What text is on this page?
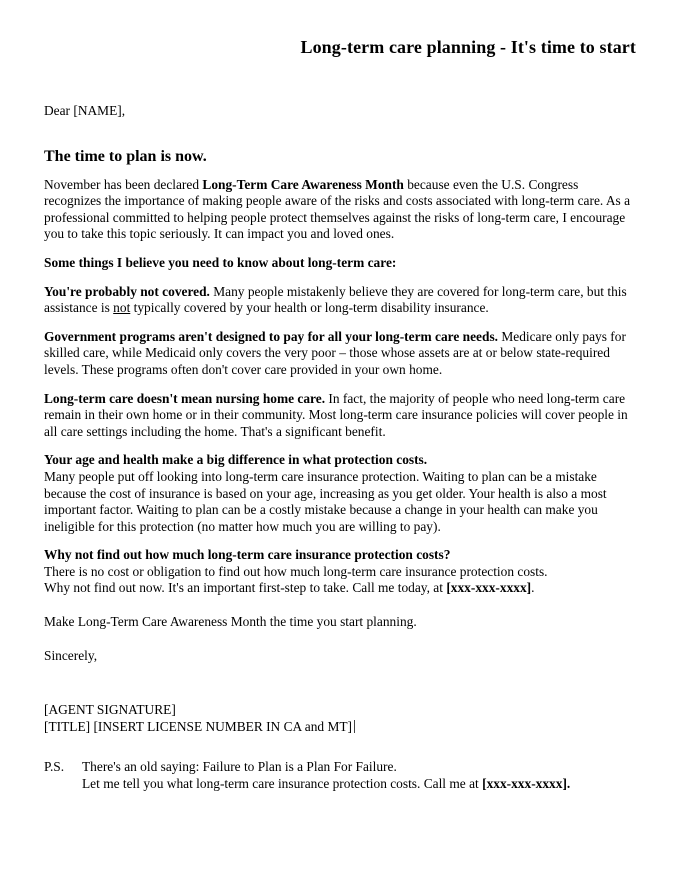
Long-term care planning - It's time to start

Dear [NAME],

The time to plan is now.

November has been declared Long-Term Care Awareness Month because even the U.S. Congress recognizes the importance of making people aware of the risks and costs associated with long-term care. As a professional committed to helping people protect themselves against the risks of long-term care, I encourage you to take this topic seriously. It can impact you and loved ones.

Some things I believe you need to know about long-term care:

You're probably not covered. Many people mistakenly believe they are covered for long-term care, but this assistance is not typically covered by your health or long-term disability insurance.

Government programs aren't designed to pay for all your long-term care needs. Medicare only pays for skilled care, while Medicaid only covers the very poor – those whose assets are at or below state-required levels. These programs often don't cover care provided in your own home.

Long-term care doesn't mean nursing home care. In fact, the majority of people who need long-term care remain in their own home or in their community. Most long-term care insurance policies will cover people in all care settings including the home. That's a significant benefit.

Your age and health make a big difference in what protection costs.
Many people put off looking into long-term care insurance protection. Waiting to plan can be a mistake because the cost of insurance is based on your age, increasing as you get older. Your health is also a most important factor. Waiting to plan can be a costly mistake because a change in your health can make you ineligible for this protection (no matter how much you are willing to pay).

Why not find out how much long-term care insurance protection costs?
There is no cost or obligation to find out how much long-term care insurance protection costs.
Why not find out now. It's an important first-step to take. Call me today, at [xxx-xxx-xxxx].

Make Long-Term Care Awareness Month the time you start planning.

Sincerely,

[AGENT SIGNATURE]

[TITLE] [INSERT LICENSE NUMBER IN CA and MT]

P.S.	There's an old saying: Failure to Plan is a Plan For Failure.
Let me tell you what long-term care insurance protection costs. Call me at [xxx-xxx-xxxx].
